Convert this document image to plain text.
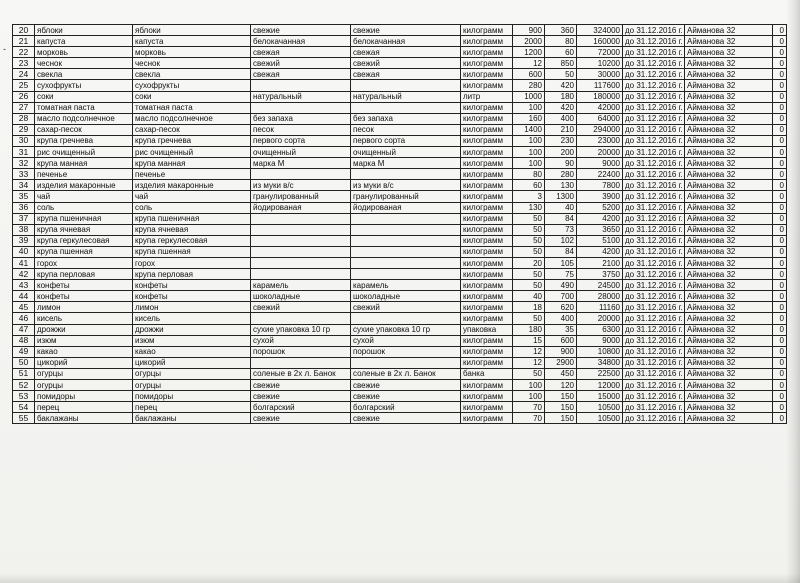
-
20	яблоки	яблоки	свежие	свежие	килограмм	900	360	324000	до 31.12.2016 г.	Айманова 32	0
21	капуста	капуста	белокачанная	белокачанная	килограмм	2000	80	160000	до 31.12.2016 г.	Айманова 32	0
22	морковь	морковь	свежая	свежая	килограмм	1200	60	72000	до 31.12.2016 г.	Айманова 32	0
23	чеснок	чеснок	свежий	свежий	килограмм	12	850	10200	до 31.12.2016 г.	Айманова 32	0
24	свекла	свекла	свежая	свежая	килограмм	600	50	30000	до 31.12.2016 г.	Айманова 32	0
25	сухофрукты	сухофрукты			килограмм	280	420	117600	до 31.12.2016 г.	Айманова 32	0
26	соки	соки	натуральный	натуральный	литр	1000	180	180000	до 31.12.2016 г.	Айманова 32	0
27	томатная паста	томатная паста			килограмм	100	420	42000	до 31.12.2016 г.	Айманова 32	0
28	масло подсолнечное	масло подсолнечное	без запаха	без запаха	килограмм	160	400	64000	до 31.12.2016 г.	Айманова 32	0
29	сахар-песок	сахар-песок	песок	песок	килограмм	1400	210	294000	до 31.12.2016 г.	Айманова 32	0
30	крупа гречнева	крупа гречнева	первого сорта	первого сорта	килограмм	100	230	23000	до 31.12.2016 г.	Айманова 32	0
31	рис очищенный	рис очищенный	очищенный	очищенный	килограмм	100	200	20000	до 31.12.2016 г.	Айманова 32	0
32	крупа манная	крупа манная	марка М	марка М	килограмм	100	90	9000	до 31.12.2016 г.	Айманова 32	0
33	печенье	печенье			килограмм	80	280	22400	до 31.12.2016 г.	Айманова 32	0
34	изделия макаронные	изделия макаронные	из муки в/с	из муки в/с	килограмм	60	130	7800	до 31.12.2016 г.	Айманова 32	0
35	чай	чай	гранулированный	гранулированный	килограмм	3	1300	3900	до 31.12.2016 г.	Айманова 32	0
36	соль	соль	йодированая	йодированая	килограмм	130	40	5200	до 31.12.2016 г.	Айманова 32	0
37	крупа пшеничная	крупа пшеничная			килограмм	50	84	4200	до 31.12.2016 г.	Айманова 32	0
38	крупа ячневая	крупа ячневая			килограмм	50	73	3650	до 31.12.2016 г.	Айманова 32	0
39	крупа геркулесовая	крупа геркулесовая			килограмм	50	102	5100	до 31.12.2016 г.	Айманова 32	0
40	крупа пшенная	крупа пшенная			килограмм	50	84	4200	до 31.12.2016 г.	Айманова 32	0
41	горох	горох			килограмм	20	105	2100	до 31.12.2016 г.	Айманова 32	0
42	крупа перловая	крупа перловая			килограмм	50	75	3750	до 31.12.2016 г.	Айманова 32	0
43	конфеты	конфеты	карамель	карамель	килограмм	50	490	24500	до 31.12.2016 г.	Айманова 32	0
44	конфеты	конфеты	шоколадные	шоколадные	килограмм	40	700	28000	до 31.12.2016 г.	Айманова 32	0
45	лимон	лимон	свежий	свежий	килограмм	18	620	11160	до 31.12.2016 г.	Айманова 32	0
46	кисель	кисель			килограмм	50	400	20000	до 31.12.2016 г.	Айманова 32	0
47	дрожжи	дрожжи	сухие упаковка 10 гр	сухие упаковка 10 гр	упаковка	180	35	6300	до 31.12.2016 г.	Айманова 32	0
48	изюм	изюм	сухой	сухой	килограмм	15	600	9000	до 31.12.2016 г.	Айманова 32	0
49	какао	какао	порошок	порошок	килограмм	12	900	10800	до 31.12.2016 г.	Айманова 32	0
50	цикорий	цикорий			килограмм	12	2900	34800	до 31.12.2016 г.	Айманова 32	0
51	огурцы	огурцы	соленые в 2х л. Банок	соленые в 2х л. Банок	банка	50	450	22500	до 31.12.2016 г.	Айманова 32	0
52	огурцы	огурцы	свежие	свежие	килограмм	100	120	12000	до 31.12.2016 г.	Айманова 32	0
53	помидоры	помидоры	свежие	свежие	килограмм	100	150	15000	до 31.12.2016 г.	Айманова 32	0
54	перец	перец	болгарский	болгарский	килограмм	70	150	10500	до 31.12.2016 г.	Айманова 32	0
55	баклажаны	баклажаны	свежие	свежие	килограмм	70	150	10500	до 31.12.2016 г.	Айманова 32	0
